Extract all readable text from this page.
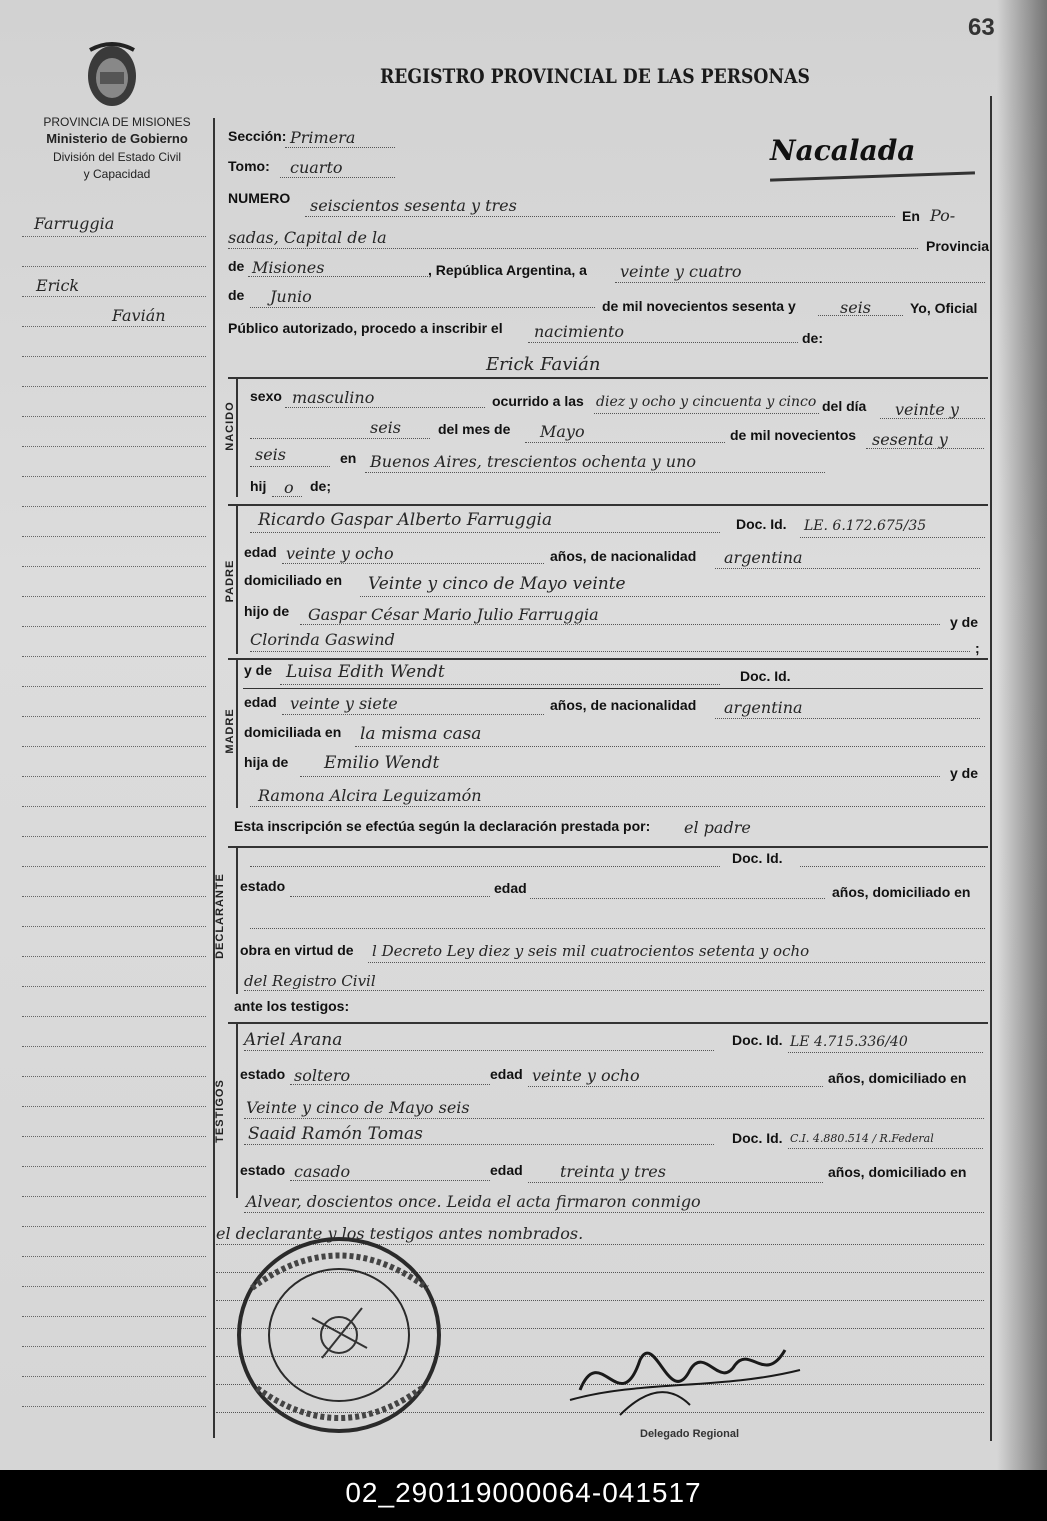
63
PROVINCIA DE MISIONES
Ministerio de Gobierno
División del Estado Civil
y Capacidad
REGISTRO PROVINCIAL DE LAS PERSONAS
Nacalada
Farruggia
Erick
Favián
Sección: Primera
Tomo: cuarto
NUMERO seiscientos sesenta y tres
En Po-
sadas, Capital de la	Provincia
de Misiones	, República Argentina, a veinte y cuatro
de Junio	de mil novecientos sesenta y	seis	Yo, Oficial
Público autorizado, procedo a inscribir el nacimiento	de:
Erick Favián
NACIDO
sexo masculino	ocurrido a las diez y ocho y cincuenta y cinco del día veinte y
seis	del mes de Mayo	de mil novecientos sesenta y
seis	en Buenos Aires, trescientos ochenta y uno
hij o de;
PADRE
Ricardo Gaspar Alberto Farruggia	Doc. Id. LE. 6.172.675/35
edad veinte y ocho	años, de nacionalidad argentina
domiciliado en Veinte y cinco de Mayo veinte
hijo de Gaspar César Mario Julio Farruggia	y de
Clorinda Gaswind	;
MADRE
y de Luisa Edith Wendt	Doc. Id.
edad veinte y siete	años, de nacionalidad argentina
domiciliada en la misma casa
hija de Emilio Wendt	y de
Ramona Alcira Leguizamón
Esta inscripción se efectúa según la declaración prestada por: el padre
DECLARANTE
Doc. Id.
estado	edad	años, domiciliado en
obra en virtud de l Decreto Ley diez y seis mil cuatrocientos setenta y ocho
del Registro Civil
ante los testigos:
TESTIGOS
Ariel Arana	Doc. Id. LE 4.715.336/40
estado soltero	edad veinte y ocho	años, domiciliado en
Veinte y cinco de Mayo seis
Saaid Ramón Tomas	Doc. Id. C.I. 4.880.514 / R.Federal
estado casado	edad treinta y tres	años, domiciliado en
Alvear, doscientos once. Leida el acta firmaron conmigo
el declarante y los testigos antes nombrados.
Delegado Regional
02_290119000064-041517
